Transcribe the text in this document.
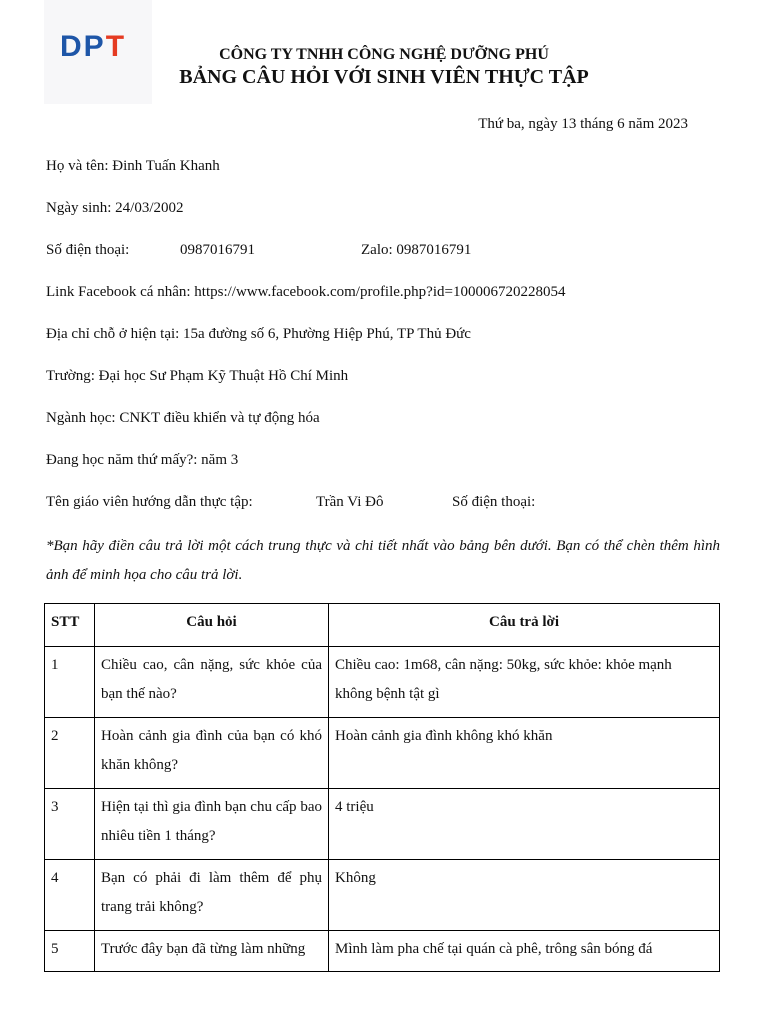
DPT	CÔNG TY TNHH CÔNG NGHỆ DƯỠNG PHÚ
BẢNG CÂU HỎI VỚI SINH VIÊN THỰC TẬP
Thứ ba, ngày 13 tháng 6 năm 2023
Họ và tên: Đinh Tuấn Khanh
Ngày sinh: 24/03/2002
Số điện thoại:	0987016791	Zalo: 0987016791
Link Facebook cá nhân: https://www.facebook.com/profile.php?id=100006720228054
Địa chỉ chỗ ở hiện tại: 15a đường số 6, Phường Hiệp Phú, TP Thủ Đức
Trường: Đại học Sư Phạm Kỹ Thuật Hồ Chí Minh
Ngành học: CNKT điều khiển và tự động hóa
Đang học năm thứ mấy?: năm 3
Tên giáo viên hướng dẫn thực tập:	Trần Vi Đô	Số điện thoại:
*Bạn hãy điền câu trả lời một cách trung thực và chi tiết nhất vào bảng bên dưới. Bạn có thể chèn thêm hình ảnh để minh họa cho câu trả lời.
STT	Câu hỏi	Câu trả lời
1	Chiều cao, cân nặng, sức khỏe của bạn thế nào?	Chiều cao: 1m68, cân nặng: 50kg, sức khỏe: khỏe mạnh không bệnh tật gì
2	Hoàn cảnh gia đình của bạn có khó khăn không?	Hoàn cảnh gia đình không khó khăn
3	Hiện tại thì gia đình bạn chu cấp bao nhiêu tiền 1 tháng?	4 triệu
4	Bạn có phải đi làm thêm để phụ trang trải không?	Không
5	Trước đây bạn đã từng làm những	Mình làm pha chế tại quán cà phê, trông sân bóng đá
